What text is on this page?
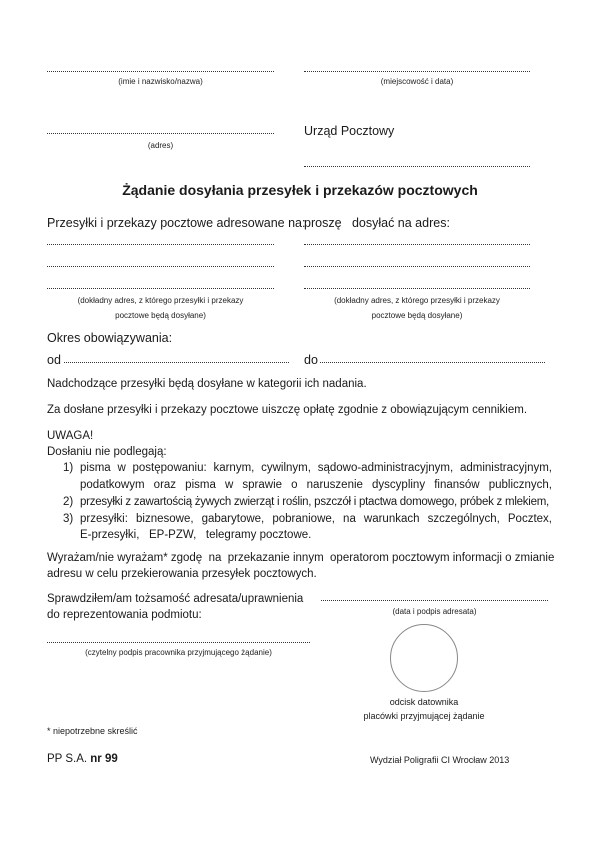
(imie i nazwisko/nazwa)	(miejscowość i data)
(adres)
Urząd Pocztowy
Żądanie dosyłania przesyłek i przekazów pocztowych
Przesyłki i przekazy pocztowe adresowane na:
proszę dosyłać na adres:
(dokładny adres, z którego przesyłki i przekazy
pocztowe będą dosyłane)
(dokładny adres, z którego przesyłki i przekazy
pocztowe będą dosyłane)
Okres obowiązywania:
od	do
Nadchodzące przesyłki będą dosyłane w kategorii ich nadania.
Za dosłane przesyłki i przekazy pocztowe uiszczę opłatę zgodnie z obowiązującym cennikiem.
UWAGA!
Dosłaniu nie podlegają:
1) pisma w postępowaniu: karnym, cywilnym, sądowo-administracyjnym, administracyjnym,
podatkowym oraz pisma w sprawie o naruszenie dyscypliny finansów publicznych,
2) przesyłki z zawartością żywych zwierząt i roślin, pszczół i ptactwa domowego, próbek z mlekiem,
3) przesyłki: biznesowe, gabarytowe, pobraniowe, na warunkach szczególnych, Pocztex,
E-przesyłki,   EP-PZW,   telegramy pocztowe.
Wyrażam/nie wyrażam* zgodę  na  przekazanie innym  operatorom pocztowym informacji o zmianie
adresu w celu przekierowania przesyłek pocztowych.
Sprawdziłem/am tożsamość adresata/uprawnienia
do reprezentowania podmiotu:	(data i podpis adresata)
(czytelny podpis pracownika przyjmującego żądanie)
odcisk datownika
placówki przyjmującej żądanie
* niepotrzebne skreślić
PP S.A. nr 99	Wydział Poligrafii CI Wrocław 2013
